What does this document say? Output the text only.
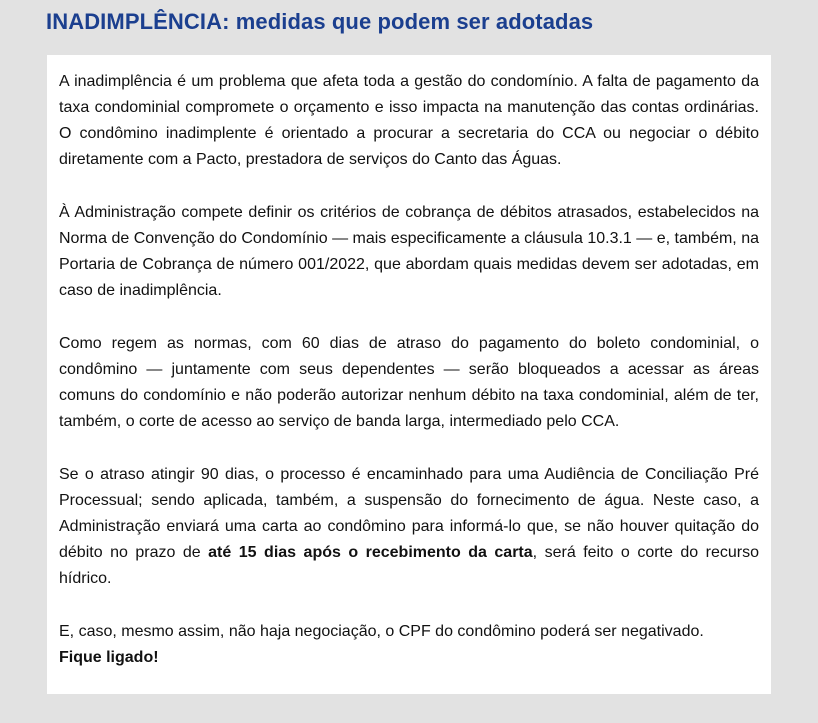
INADIMPLÊNCIA: medidas que podem ser adotadas

A inadimplência é um problema que afeta toda a gestão do condomínio. A falta de pagamento da taxa condominial compromete o orçamento e isso impacta na manutenção das contas ordinárias. O condômino inadimplente é orientado a procurar a secretaria do CCA ou negociar o débito diretamente com a Pacto, prestadora de serviços do Canto das Águas.

À Administração compete definir os critérios de cobrança de débitos atrasados, estabelecidos na Norma de Convenção do Condomínio — mais especificamente a cláusula 10.3.1 — e, também, na Portaria de Cobrança de número 001/2022, que abordam quais medidas devem ser adotadas, em caso de inadimplência.

Como regem as normas, com 60 dias de atraso do pagamento do boleto condominial, o condômino — juntamente com seus dependentes — serão bloqueados a acessar as áreas comuns do condomínio e não poderão autorizar nenhum débito na taxa condominial, além de ter, também, o corte de acesso ao serviço de banda larga, intermediado pelo CCA.

Se o atraso atingir 90 dias, o processo é encaminhado para uma Audiência de Conciliação Pré Processual; sendo aplicada, também, a suspensão do fornecimento de água. Neste caso, a Administração enviará uma carta ao condômino para informá-lo que, se não houver quitação do débito no prazo de até 15 dias após o recebimento da carta, será feito o corte do recurso hídrico.

E, caso, mesmo assim, não haja negociação, o CPF do condômino poderá ser negativado.
Fique ligado!
